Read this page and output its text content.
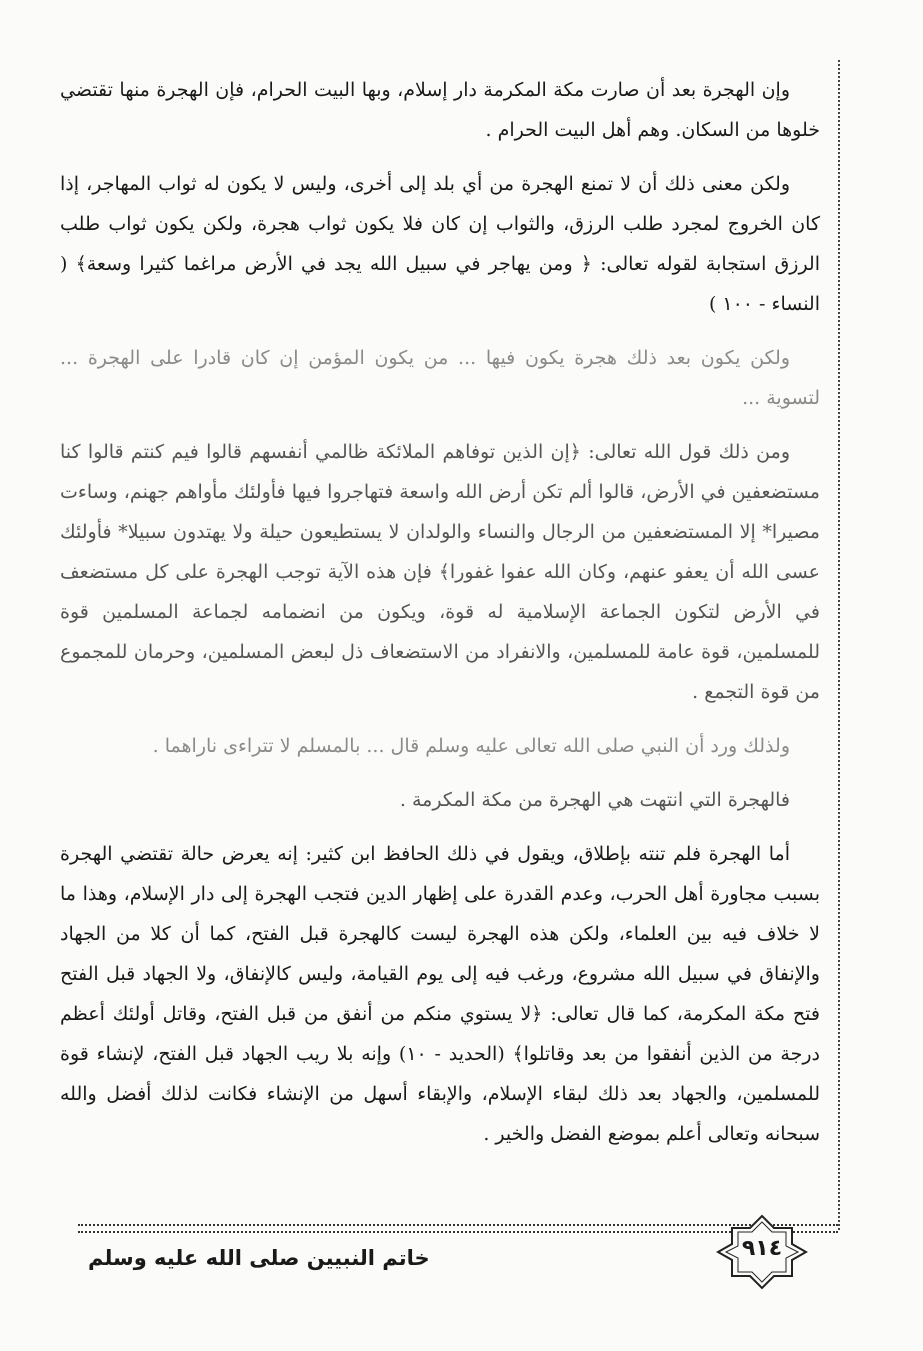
وإن الهجرة بعد أن صارت مكة المكرمة دار إسلام، وبها البيت الحرام، فإن الهجرة منها تقتضي خلوها من السكان. وهم أهل البيت الحرام .

ولكن معنى ذلك أن لا تمنع الهجرة من أي بلد إلى أخرى، وليس لا يكون له ثواب المهاجر، إذا كان الخروج لمجرد طلب الرزق، والثواب إن كان فلا يكون ثواب هجرة، ولكن يكون ثواب طلب الرزق استجابة لقوله تعالى: ﴿ ومن يهاجر في سبيل الله يجد في الأرض مراغما كثيرا وسعة﴾ ( النساء - ١٠٠ )

ولكن يكون بعد ذلك هجرة يكون فيها ... من يكون المؤمن إن كان قادرا على الهجرة ... لتسوية ...

ومن ذلك قول الله تعالى: ﴿إن الذين توفاهم الملائكة ظالمي أنفسهم قالوا فيم كنتم قالوا كنا مستضعفين في الأرض، قالوا ألم تكن أرض الله واسعة فتهاجروا فيها فأولئك مأواهم جهنم، وساءت مصيرا* إلا المستضعفين من الرجال والنساء والولدان لا يستطيعون حيلة ولا يهتدون سبيلا* فأولئك عسى الله أن يعفو عنهم، وكان الله عفوا غفورا﴾ فإن هذه الآية توجب الهجرة على كل مستضعف في الأرض لتكون الجماعة الإسلامية له قوة، ويكون من انضمامه لجماعة المسلمين قوة للمسلمين، قوة عامة للمسلمين، والانفراد من الاستضعاف ذل لبعض المسلمين، وحرمان للمجموع من قوة التجمع .

ولذلك ورد أن النبي صلى الله تعالى عليه وسلم قال ... بالمسلم لا تتراءى ناراهما .

فالهجرة التي انتهت هي الهجرة من مكة المكرمة .

أما الهجرة فلم تنته بإطلاق، ويقول في ذلك الحافظ ابن كثير: إنه يعرض حالة تقتضي الهجرة بسبب مجاورة أهل الحرب، وعدم القدرة على إظهار الدين فتجب الهجرة إلى دار الإسلام، وهذا ما لا خلاف فيه بين العلماء، ولكن هذه الهجرة ليست كالهجرة قبل الفتح، كما أن كلا من الجهاد والإنفاق في سبيل الله مشروع، ورغب فيه إلى يوم القيامة، وليس كالإنفاق، ولا الجهاد قبل الفتح فتح مكة المكرمة، كما قال تعالى: ﴿لا يستوي منكم من أنفق من قبل الفتح، وقاتل أولئك أعظم درجة من الذين أنفقوا من بعد وقاتلوا﴾ (الحديد - ١٠) وإنه بلا ريب الجهاد قبل الفتح، لإنشاء قوة للمسلمين، والجهاد بعد ذلك لبقاء الإسلام، والإبقاء أسهل من الإنشاء فكانت لذلك أفضل والله سبحانه وتعالى أعلم بموضع الفضل والخير .

خاتم النبيين صلى الله عليه وسلم	٩١٤
